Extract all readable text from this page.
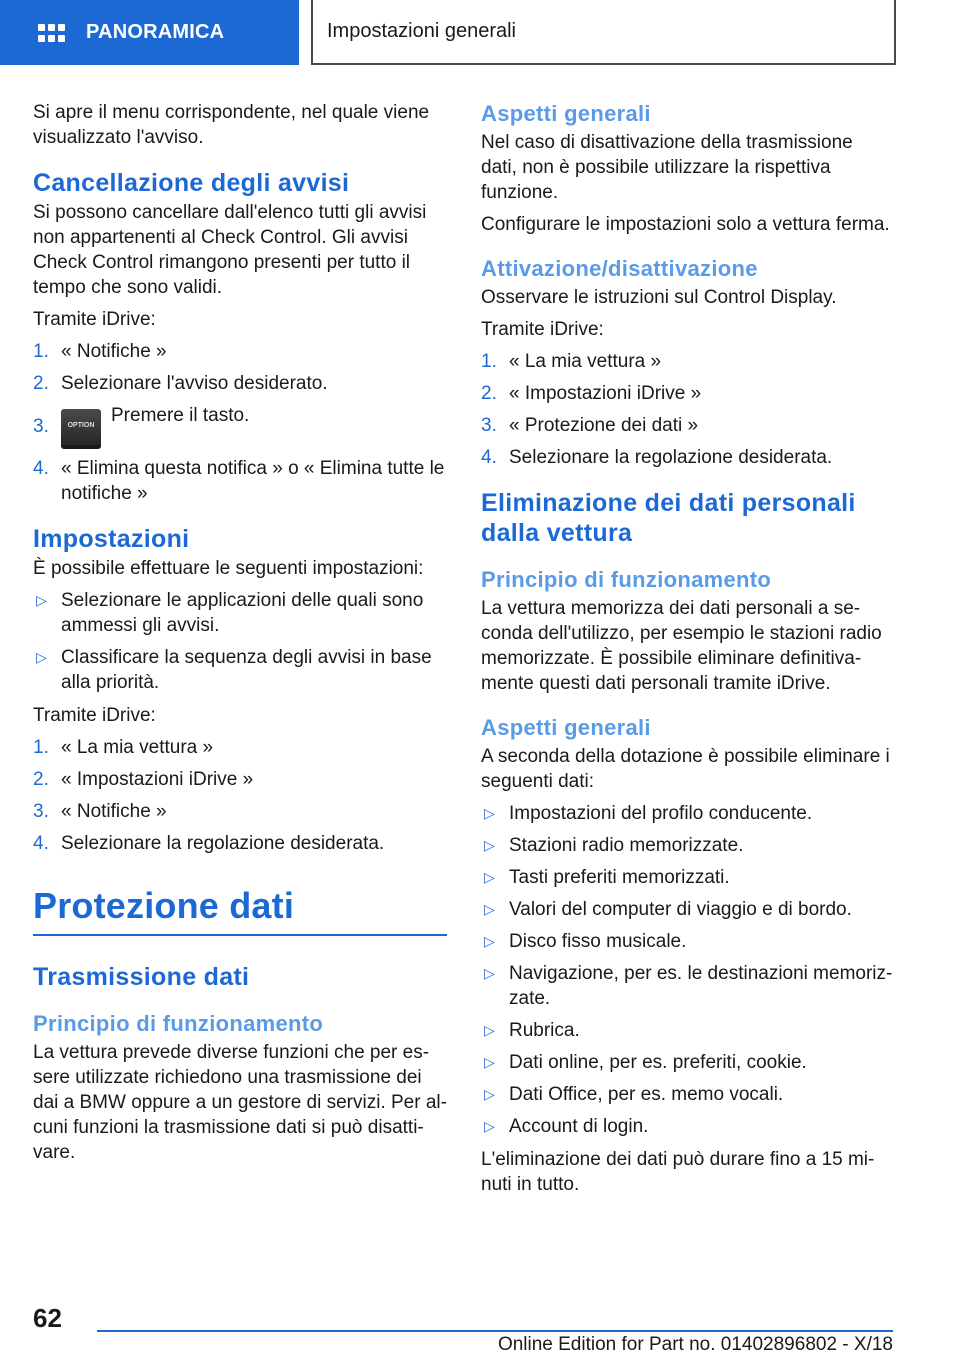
PANORAMICA	Impostazioni generali

Si apre il menu corrispondente, nel quale viene visualizzato l'avviso.

Cancellazione degli avvisi

Si possono cancellare dall'elenco tutti gli avvisi non appartenenti al Check Control. Gli avvisi Check Control rimangono presenti per tutto il tempo che sono validi.

Tramite iDrive:

1. « Notifiche »
2. Selezionare l'avviso desiderato.
3.	OPTION Premere il tasto.
4. « Elimina questa notifica » o « Elimina tutte le notifiche »
Impostazioni

È possibile effettuare le seguenti impostazioni:

▷ Selezionare le applicazioni delle quali sono ammessi gli avvisi.
▷ Classificare la sequenza degli avvisi in base alla priorità.

Tramite iDrive:

1. « La mia vettura »
2. « Impostazioni iDrive »
3. « Notifiche »
4. Selezionare la regolazione desiderata.
Protezione dati
Trasmissione dati
Principio di funzionamento

La vettura prevede diverse funzioni che per es- sere utilizzate richiedono una trasmissione dei dai a BMW oppure a un gestore di servizi. Per al- cuni funzioni la trasmissione dati si può disatti- vare.

Aspetti generali

Nel caso di disattivazione della trasmissione dati, non è possibile utilizzare la rispettiva funzione.

Configurare le impostazioni solo a vettura ferma.

Attivazione/disattivazione

Osservare le istruzioni sul Control Display.

Tramite iDrive:

1. « La mia vettura »
2. « Impostazioni iDrive »
3. « Protezione dei dati »
4. Selezionare la regolazione desiderata.
Eliminazione dei dati personali dalla vettura
Principio di funzionamento

La vettura memorizza dei dati personali a se- conda dell'utilizzo, per esempio le stazioni radio memorizzate. È possibile eliminare definitiva- mente questi dati personali tramite iDrive.

Aspetti generali

A seconda della dotazione è possibile eliminare i seguenti dati:

▷ Impostazioni del profilo conducente.
▷ Stazioni radio memorizzate.
▷ Tasti preferiti memorizzati.
▷ Valori del computer di viaggio e di bordo.
▷ Disco fisso musicale.
▷ Navigazione, per es. le destinazioni memoriz- zate.
▷ Rubrica.
▷ Dati online, per es. preferiti, cookie.
▷ Dati Office, per es. memo vocali.
▷ Account di login.

L'eliminazione dei dati può durare fino a 15 mi- nuti in tutto.

62
Online Edition for Part no. 01402896802 - X/18
